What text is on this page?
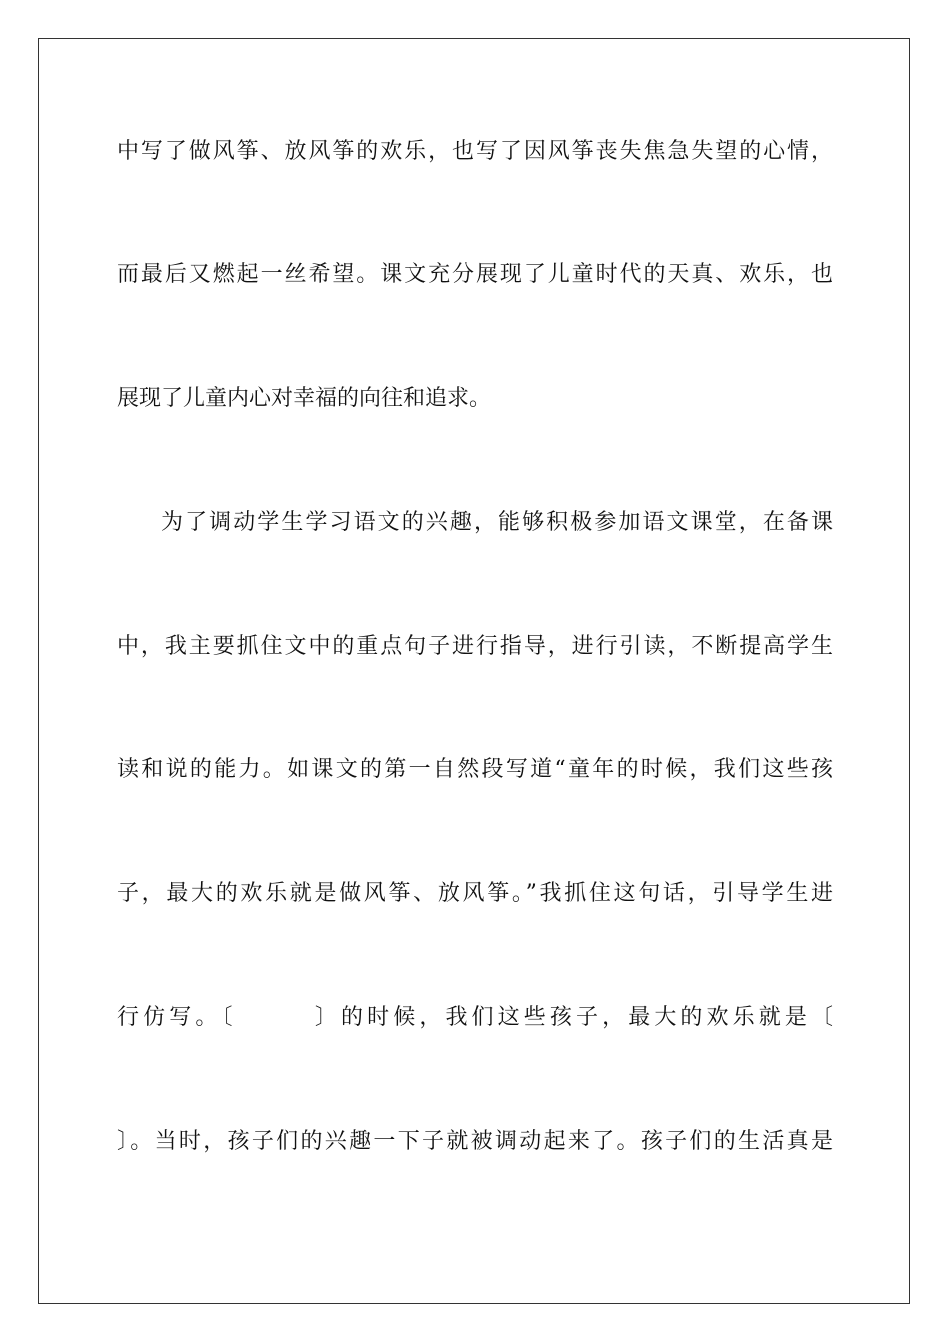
中写了做风筝、放风筝的欢乐，也写了因风筝丧失焦急失望的心情，
而最后又燃起一丝希望。课文充分展现了儿童时代的天真、欢乐，也
展现了儿童内心对幸福的向往和追求。
为了调动学生学习语文的兴趣，能够积极参加语文课堂，在备课
中，我主要抓住文中的重点句子进行指导，进行引读，不断提高学生
读和说的能力。如课文的第一自然段写道“童年的时候，我们这些孩
子，最大的欢乐就是做风筝、放风筝。”我抓住这句话，引导学生进
行仿写。〔　　　〕的时候，我们这些孩子，最大的欢乐就是〔
〕。当时，孩子们的兴趣一下子就被调动起来了。孩子们的生活真是
